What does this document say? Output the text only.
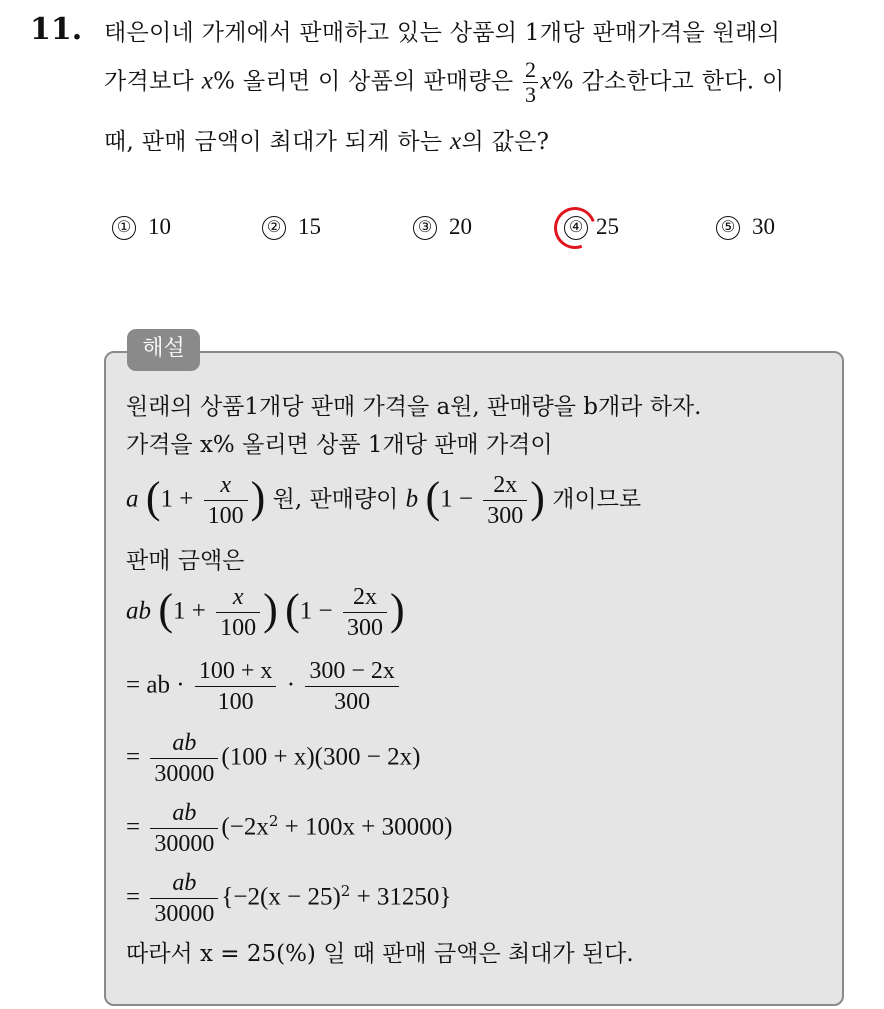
11. 태은이네 가게에서 판매하고 있는 상품의 1개당 판매가격을 원래의
가격보다 x% 올리면 이 상품의 판매량은 $\frac{2}{3} x\%$ 감소한다고 한다. 이
때, 판매 금액이 최대가 되게 하는 x의 값은?
① 10	② 15	③ 20	④ 25	⑤ 30
해설
원래의 상품1개당 판매 가격을 a원, 판매량을 b개라 하자.
가격을 x% 올리면 상품 1개당 판매 가격이
a ($1 + \frac{x}{100}$ ) 원, 판매량이 b ($1 - \frac{2x}{300}$ ) 개이므로
판매 금액은
ab ($1 + \frac{x}{100}$ ) ($1 - \frac{2x}{300}$ )
= ab · $\frac{100 + x}{100} \cdot \frac{300 - 2x}{300}$
= $\frac{ab}{30000} (100 + x)(300 - 2x)$
= $\frac{ab}{30000} (-2x^2 + 100x + 30000)$
= $\frac{ab}{30000} \{-2(x - 25)^2 + 31250\}$
따라서 x = 25(%) 일 때 판매 금액은 최대가 된다.
